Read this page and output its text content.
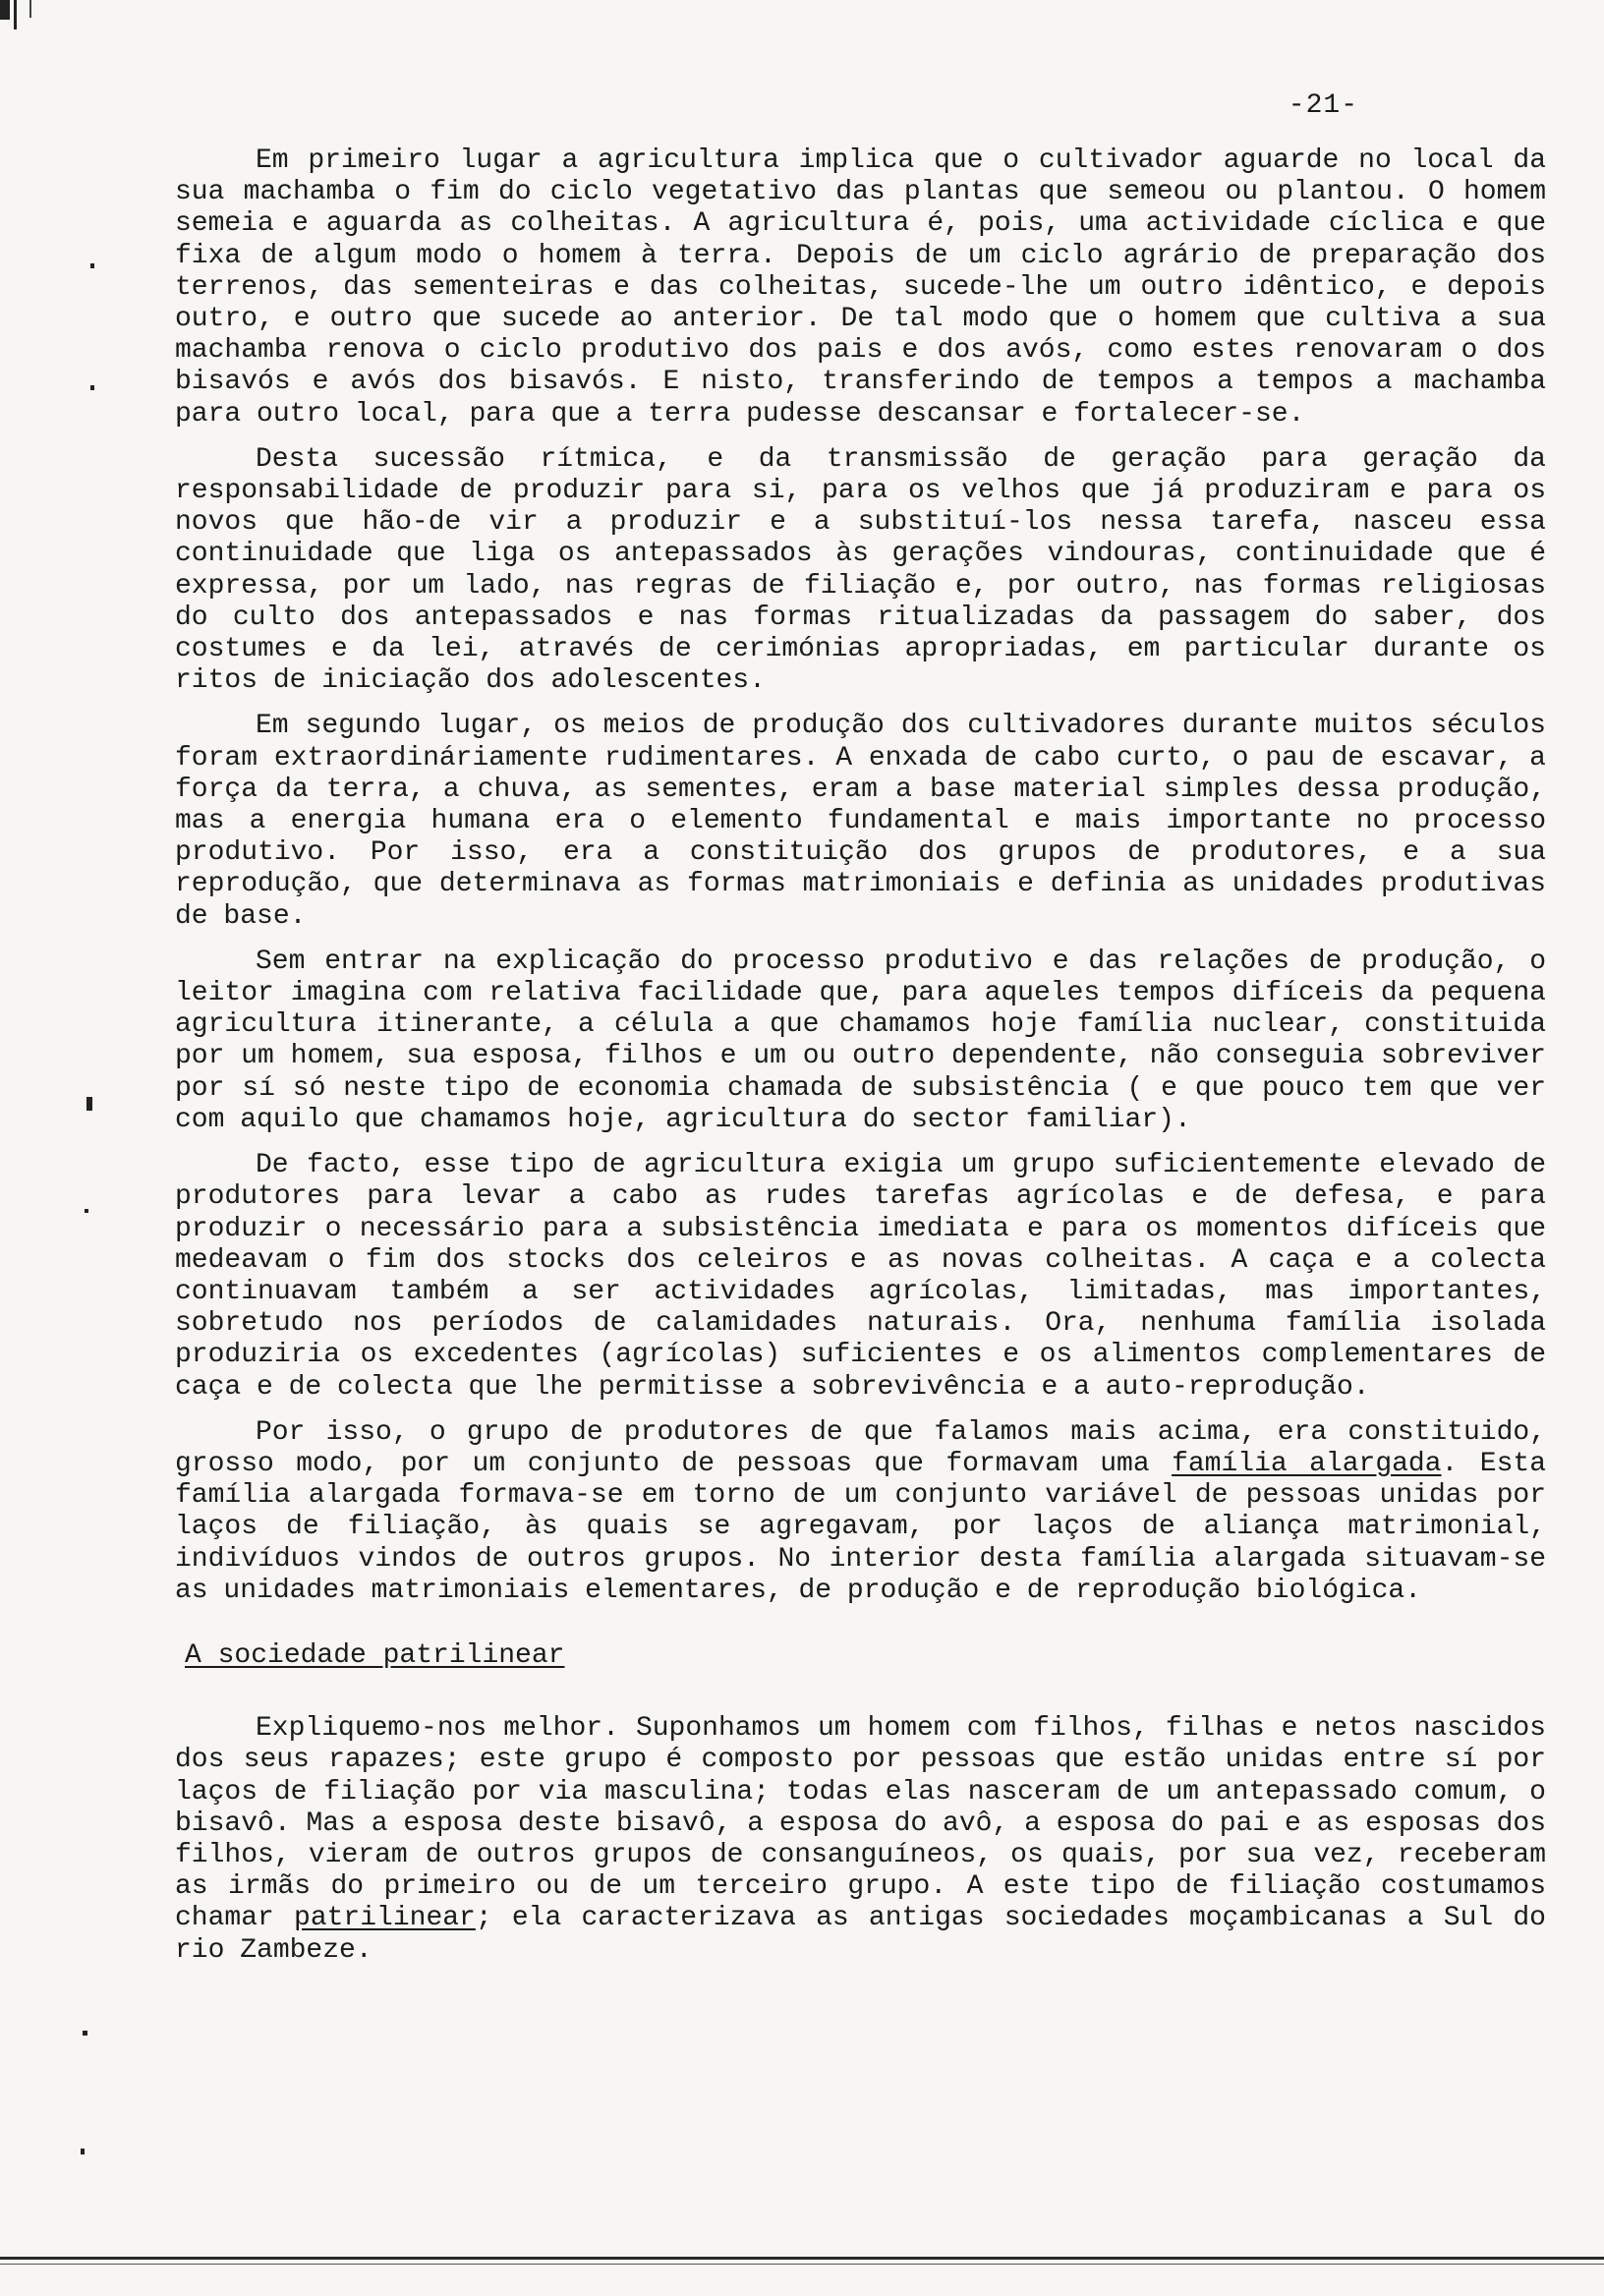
-21-

Em primeiro lugar a agricultura implica que o cultivador aguarde no local da sua machamba o fim do ciclo vegetativo das plantas que semeou ou plantou. O homem semeia e aguarda as colheitas. A agricultura é, pois, uma actividade cíclica e que fixa de algum modo o homem à terra. Depois de um ciclo agrário de preparação dos terrenos, das sementeiras e das colheitas, sucede-lhe um outro idêntico, e depois outro, e outro que sucede ao anterior. De tal modo que o homem que cultiva a sua machamba renova o ciclo produtivo dos pais e dos avós, como estes renovaram o dos bisavós e avós dos bisavós. E nisto, transferindo de tempos a tempos a machamba para outro local, para que a terra pudesse descansar e fortalecer-se.

Desta sucessão rítmica, e da transmissão de geração para geração da responsabilidade de produzir para si, para os velhos que já produziram e para os novos que hão-de vir a produzir e a substituí-los nessa tarefa, nasceu essa continuidade que liga os antepassados às gerações vindouras, continuidade que é expressa, por um lado, nas regras de filiação e, por outro, nas formas religiosas do culto dos antepassados e nas formas ritualizadas da passagem do saber, dos costumes e da lei, através de cerimónias apropriadas, em particular durante os ritos de iniciação dos adolescentes.

Em segundo lugar, os meios de produção dos cultivadores durante muitos séculos foram extraordináriamente rudimentares. A enxada de cabo curto, o pau de escavar, a força da terra, a chuva, as sementes, eram a base material simples dessa produção, mas a energia humana era o elemento fundamental e mais importante no processo produtivo. Por isso, era a constituição dos grupos de produtores, e a sua reprodução, que determinava as formas matrimoniais e definia as unidades produtivas de base.

Sem entrar na explicação do processo produtivo e das relações de produção, o leitor imagina com relativa facilidade que, para aqueles tempos difíceis da pequena agricultura itinerante, a célula a que chamamos hoje família nuclear, constituida por um homem, sua esposa, filhos e um ou outro dependente, não conseguia sobreviver por sí só neste tipo de economia chamada de subsistência ( e que pouco tem que ver com aquilo que chamamos hoje, agricultura do sector familiar).

De facto, esse tipo de agricultura exigia um grupo suficientemente elevado de produtores para levar a cabo as rudes tarefas agrícolas e de defesa, e para produzir o necessário para a subsistência imediata e para os momentos difíceis que medeavam o fim dos stocks dos celeiros e as novas colheitas. A caça e a colecta continuavam também a ser actividades agrícolas, limitadas, mas importantes, sobretudo nos períodos de calamidades naturais. Ora, nenhuma família isolada produziria os excedentes (agrícolas) suficientes e os alimentos complementares de caça e de colecta que lhe permitisse a sobrevivência e a auto-reprodução.

Por isso, o grupo de produtores de que falamos mais acima, era constituido, grosso modo, por um conjunto de pessoas que formavam uma família alargada. Esta família alargada formava-se em torno de um conjunto variável de pessoas unidas por laços de filiação, às quais se agregavam, por laços de aliança matrimonial, indivíduos vindos de outros grupos. No interior desta família alargada situavam-se as unidades matrimoniais elementares, de produção e de reprodução biológica.

A sociedade patrilinear

Expliquemo-nos melhor. Suponhamos um homem com filhos, filhas e netos nascidos dos seus rapazes; este grupo é composto por pessoas que estão unidas entre sí por laços de filiação por via masculina; todas elas nasceram de um antepassado comum, o bisavô. Mas a esposa deste bisavô, a esposa do avô, a esposa do pai e as esposas dos filhos, vieram de outros grupos de consanguíneos, os quais, por sua vez, receberam as irmãs do primeiro ou de um terceiro grupo. A este tipo de filiação costumamos chamar patrilinear; ela caracterizava as antigas sociedades moçambicanas a Sul do rio Zambeze.
